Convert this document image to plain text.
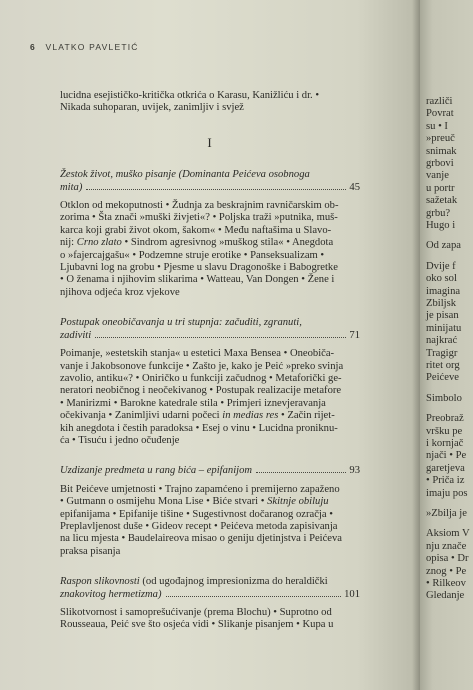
6 VLATKO PAVLETIĆ

lucidna esejističko-kritička otkrića o Karasu, Kanižliću i dr. •
Nikada suhoparan, uvijek, zanimljiv i svjež

I
Žestok život, muško pisanje (Dominanta Peićeva osobnoga
mita)	45
Otklon od mekoputnosti • Žudnja za beskrajnim ravničarskim ob-
zorima • Šta znači »muški živjeti«? • Poljska traži »putnika, muš-
karca koji grabi život okom, šakom« • Među naftašima u Slavo-
nij: Crno zlato • Sindrom agresivnog »muškog stila« • Anegdota
o »fajercajgašu« • Podzemne struje erotike • Panseksualizam •
Ljubavni log na grobu • Pjesme u slavu Dragonoške i Babogretke
• O ženama i njihovim slikarima • Watteau, Van Dongen • Žene i
njihova odjeća kroz vjekove
Postupak oneobičavanja u tri stupnja: začuditi, zgranuti,
zadiviti	71
Poimanje, »estetskih stanja« u estetici Maxa Bensea • Oneobiča-
vanje i Jakobsonove funkcije • Zašto je, kako je Peić »preko svinja
zavolio, antiku«? • Oniričko u funkciji začudnog • Metaforički ge-
neratori neobičnog i neočekivanog • Postupak realizacije metafore
• Manirizmi • Barokne katedrale stila • Primjeri iznevjeravanja
očekivanja • Zanimljivi udarni počeci in medias res • Začin rijet-
kih anegdota i čestih paradoksa • Esej o vinu • Lucidna proniknu-
ća • Tisuću i jedno očuđenje
Uzdizanje predmeta u rang bića – epifanijom	93
Bit Peićeve umjetnosti • Trajno zapamćeno i premijerno zapaženo
• Gutmann o osmijehu Mona Lise • Biće stvari • Skitnje obiluju
epifanijama • Epifanije tišine • Sugestivnost dočaranog ozračja •
Preplavljenost duše • Gideov recept • Peićeva metoda zapisivanja
na licu mjesta • Baudelaireova misao o geniju djetinjstva i Peićeva
praksa pisanja
Raspon slikovnosti (od ugođajnog impresionizma do heraldički
znakovitog hermetizma)	101
Slikotvornost i samoprešućivanje (prema Blochu) • Suprotno od
Rousseaua, Peić sve što osjeća vidi • Slikanje pisanjem • Kupa u
različi
Povrat
su • I
»preuč
snimak
grbovi
vanje
u portr
sažetak
grbu?
Hugo i
Od zapa
Dvije f
oko sol
imagina
Zbiljsk
je pisan
minijatu
najkrać
Tragigr
ritet org
Peićeve
Simbolo
Preobraž
vršku pe
i kornjač
njači • Pe
garetjeva
• Priča iz
imaju pos
»Zbilja je
Aksiom V
nju znače
opisa • Dr
znog • Pe
• Rilkeov
Gledanje
